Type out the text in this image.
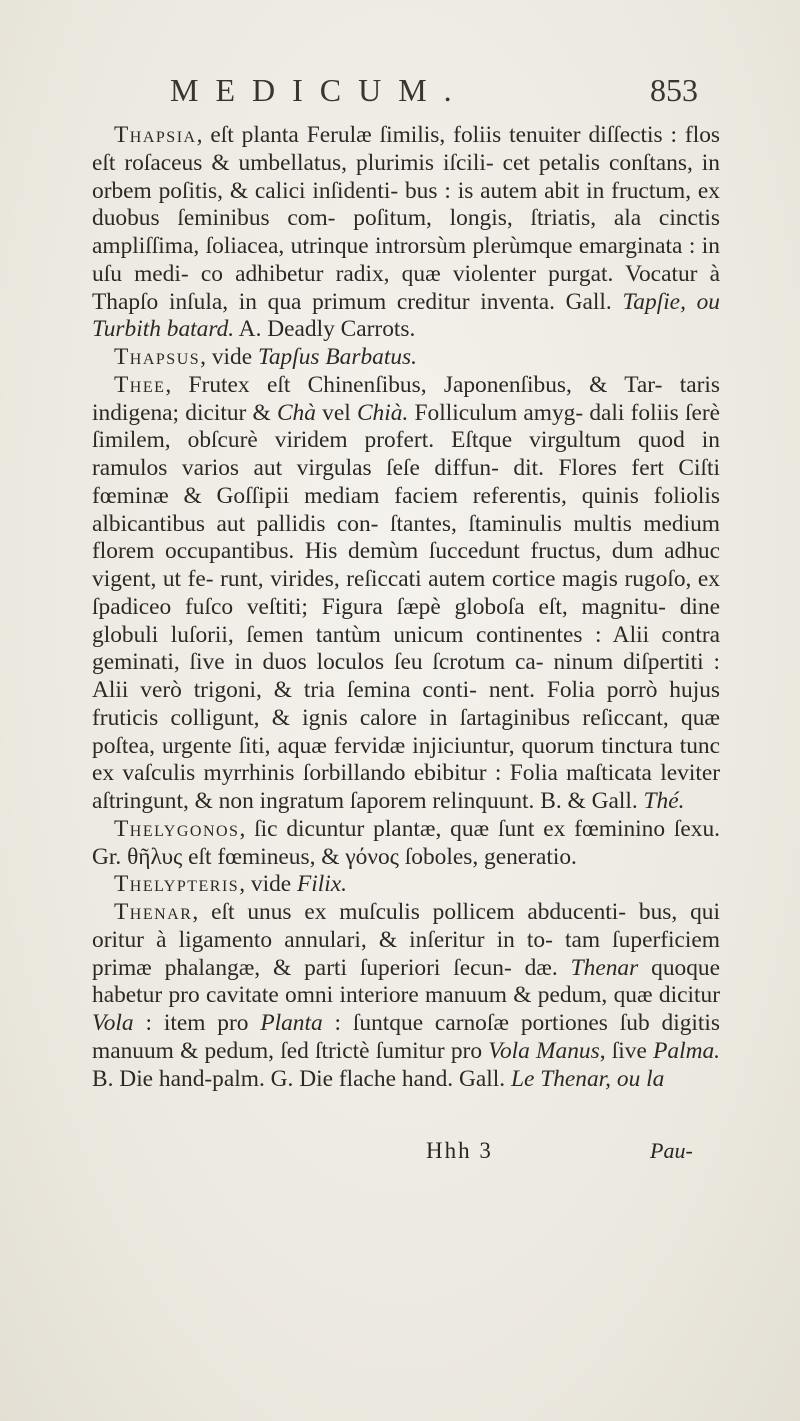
MEDICUM.	853

Thapsia, eſt planta Ferulæ ſimilis, foliis tenuiter diſſectis : flos eſt roſaceus & umbellatus, plurimis iſcili- cet petalis conſtans, in orbem poſitis, & calici inſidenti- bus : is autem abit in fructum, ex duobus ſeminibus com- poſitum, longis, ſtriatis, ala cinctis ampliſſima, ſoliacea, utrinque introrsùm plerùmque emarginata : in uſu medi- co adhibetur radix, quæ violenter purgat. Vocatur à Thapſo inſula, in qua primum creditur inventa. Gall. Tapſie, ou Turbith batard. A. Deadly Carrots.

Thapsus, vide Tapſus Barbatus.

Thee, Frutex eſt Chinenſibus, Japonenſibus, & Tar- taris indigena; dicitur & Chà vel Chià. Folliculum amyg- dali foliis ſerè ſimilem, obſcurè viridem profert. Eſtque virgultum quod in ramulos varios aut virgulas ſeſe diffun- dit. Flores fert Ciſti fœminæ & Goſſipii mediam faciem referentis, quinis foliolis albicantibus aut pallidis con- ſtantes, ſtaminulis multis medium florem occupantibus. His demùm ſuccedunt fructus, dum adhuc vigent, ut fe- runt, virides, reſiccati autem cortice magis rugoſo, ex ſpadiceo fuſco veſtiti; Figura ſæpè globoſa eſt, magnitu- dine globuli luſorii, ſemen tantùm unicum continentes : Alii contra geminati, ſive in duos loculos ſeu ſcrotum ca- ninum diſpertiti : Alii verò trigoni, & tria ſemina conti- nent. Folia porrò hujus fruticis colligunt, & ignis calore in ſartaginibus reſiccant, quæ poſtea, urgente ſiti, aquæ fervidæ injiciuntur, quorum tinctura tunc ex vaſculis myrrhinis ſorbillando ebibitur : Folia maſticata leviter aſtringunt, & non ingratum ſaporem relinquunt. B. & Gall. Thé.

Thelygonos, ſic dicuntur plantæ, quæ ſunt ex fœminino ſexu. Gr. θῆλυς eſt fœmineus, & γόνος ſoboles, generatio.

Thelypteris, vide Filix.

Thenar, eſt unus ex muſculis pollicem abducenti- bus, qui oritur à ligamento annulari, & inſeritur in to- tam ſuperficiem primæ phalangæ, & parti ſuperiori ſecun- dæ. Thenar quoque habetur pro cavitate omni interiore manuum & pedum, quæ dicitur Vola : item pro Planta : ſuntque carnoſæ portiones ſub digitis manuum & pedum, ſed ſtrictè ſumitur pro Vola Manus, ſive Palma. B. Die hand-palm. G. Die flache hand. Gall. Le Thenar, ou la

Hhh 3	Pau-
